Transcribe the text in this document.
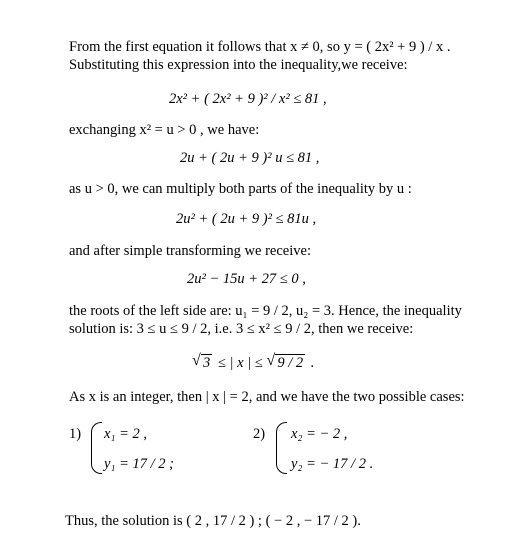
From the first equation it follows that x ≠ 0, so y = ( 2x² + 9 ) / x .
Substituting this expression into the inequality,we receive:
2x² + ( 2x² + 9 )² / x² ≤ 81 ,
exchanging x² = u > 0 , we have:
2u + ( 2u + 9 )² u ≤ 81 ,
as u > 0, we can multiply both parts of the inequality by u :
2u² + ( 2u + 9 )² ≤ 81u ,
and after simple transforming we receive:
2u² − 15u + 27 ≤ 0 ,
the roots of the left side are: u₁ = 9 / 2, u₂ = 3. Hence, the inequality
solution is: 3 ≤ u ≤ 9 / 2, i.e. 3 ≤ x² ≤ 9 / 2, then we receive:
√ 3 ≤ | x | ≤ √ 9 / 2 .
As x is an integer, then | x | = 2, and we have the two possible cases:
1) x₁ = 2 ,
y₁ = 17 / 2 ;
2) x₂ = − 2 ,
y₂ = − 17 / 2 .
Thus, the solution is ( 2 , 17 / 2 ) ; ( − 2 , − 17 / 2 ).
